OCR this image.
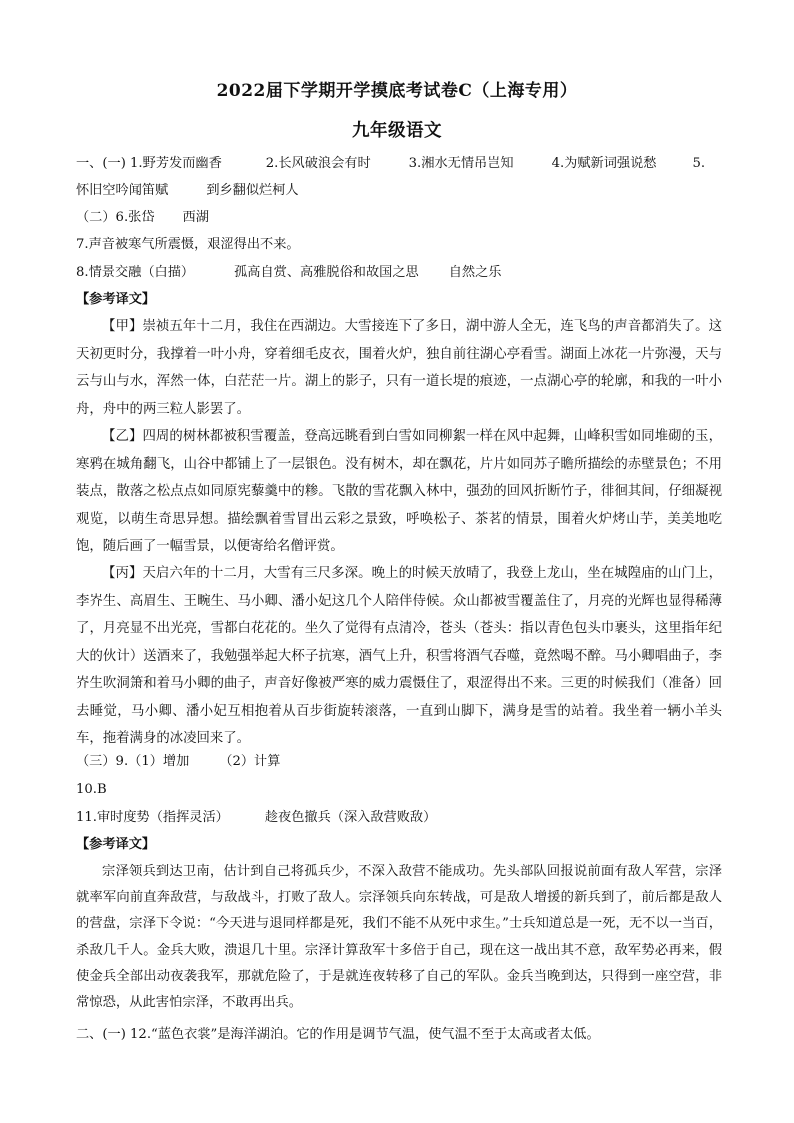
2022届下学期开学摸底考试卷C（上海专用）
九年级语文
一、(一) 1.野芳发而幽香	2.长风破浪会有时	3.湘水无情吊岂知	4.为赋新词强说愁	5.
怀旧空吟闻笛赋	到乡翻似烂柯人
（二）6.张岱 西湖
7.声音被寒气所震慑，艰涩得出不来。
8.情景交融（白描）	孤高自赏、高雅脱俗和故国之思 自然之乐
【参考译文】
【甲】崇祯五年十二月，我住在西湖边。大雪接连下了多日，湖中游人全无，连飞鸟的声音都消失了。这天初更时分，我撑着一叶小舟，穿着细毛皮衣，围着火炉，独自前往湖心亭看雪。湖面上冰花一片弥漫，天与云与山与水，浑然一体，白茫茫一片。湖上的影子，只有一道长堤的痕迹，一点湖心亭的轮廓，和我的一叶小舟，舟中的两三粒人影罢了。
【乙】四周的树林都被积雪覆盖，登高远眺看到白雪如同柳絮一样在风中起舞，山峰积雪如同堆砌的玉，寒鸦在城角翻飞，山谷中都铺上了一层银色。没有树木，却在飘花，片片如同苏子瞻所描绘的赤壁景色；不用装点，散落之松点点如同原宪藜羹中的糁。飞散的雪花飘入林中，强劲的回风折断竹子，徘徊其间，仔细凝视观览，以萌生奇思异想。描绘飘着雪冒出云彩之景致，呼唤松子、茶茗的情景，围着火炉烤山芋，美美地吃饱，随后画了一幅雪景，以便寄给名僧评赏。
【丙】天启六年的十二月，大雪有三尺多深。晚上的时候天放晴了，我登上龙山，坐在城隍庙的山门上，李岕生、高眉生、王畹生、马小卿、潘小妃这几个人陪伴侍候。众山都被雪覆盖住了，月亮的光辉也显得稀薄了，月亮显不出光亮，雪都白花花的。坐久了觉得有点清冷，苍头（苍头：指以青色包头巾裹头，这里指年纪大的伙计）送酒来了，我勉强举起大杯子抗寒，酒气上升，积雪将酒气吞噬，竟然喝不醉。马小卿唱曲子，李岕生吹洞箫和着马小卿的曲子，声音好像被严寒的威力震慑住了，艰涩得出不来。三更的时候我们（准备）回去睡觉，马小卿、潘小妃互相抱着从百步街旋转滚落，一直到山脚下，满身是雪的站着。我坐着一辆小羊头车，拖着满身的冰凌回来了。
（三）9.（1）增加 （2）计算
10.B
11.审时度势（指挥灵活）	趁夜色撤兵（深入敌营败敌）
【参考译文】
宗泽领兵到达卫南，估计到自己将孤兵少，不深入敌营不能成功。先头部队回报说前面有敌人军营，宗泽就率军向前直奔敌营，与敌战斗，打败了敌人。宗泽领兵向东转战，可是敌人增援的新兵到了，前后都是敌人的营盘，宗泽下令说：“今天进与退同样都是死，我们不能不从死中求生。”士兵知道总是一死，无不以一当百，杀敌几千人。金兵大败，溃退几十里。宗泽计算敌军十多倍于自己，现在这一战出其不意，敌军势必再来，假使金兵全部出动夜袭我军，那就危险了，于是就连夜转移了自己的军队。金兵当晚到达，只得到一座空营，非常惊恐，从此害怕宗泽，不敢再出兵。
二、(一) 12.“蓝色衣裳”是海洋湖泊。它的作用是调节气温，使气温不至于太高或者太低。
